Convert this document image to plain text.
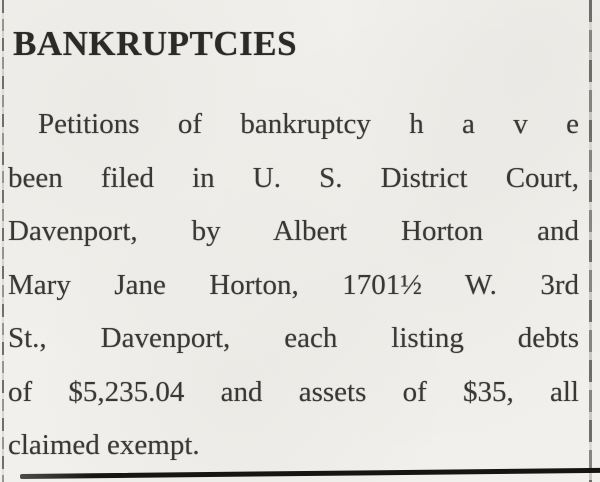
BANKRUPTCIES
Petitions of bankruptcy h a v e
been filed in U. S. District Court,
Davenport, by Albert Horton and
Mary Jane Horton, 1701½ W. 3rd
St., Davenport, each listing debts
of $5,235.04 and assets of $35, all
claimed exempt.
